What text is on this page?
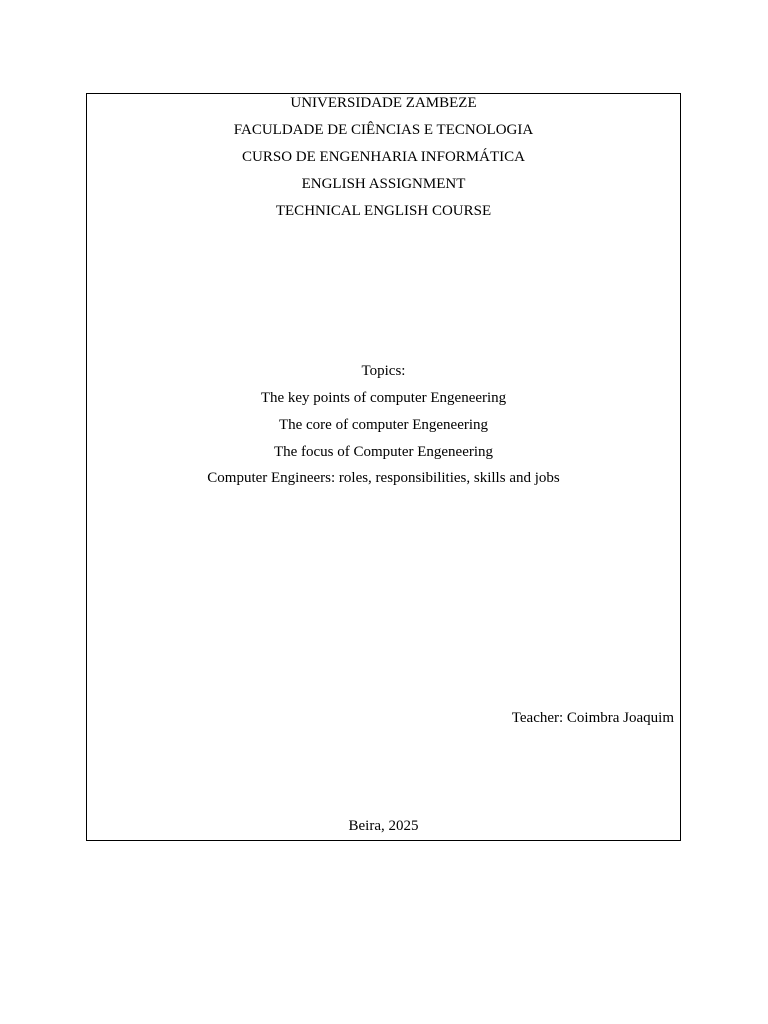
UNIVERSIDADE ZAMBEZE
FACULDADE DE CIÊNCIAS E TECNOLOGIA
CURSO DE ENGENHARIA INFORMÁTICA
ENGLISH ASSIGNMENT
TECHNICAL ENGLISH COURSE
Topics:
The key points of computer Engeneering
The core of computer Engeneering
The focus of Computer Engeneering
Computer Engineers: roles, responsibilities, skills and jobs
Teacher: Coimbra Joaquim
Beira, 2025
